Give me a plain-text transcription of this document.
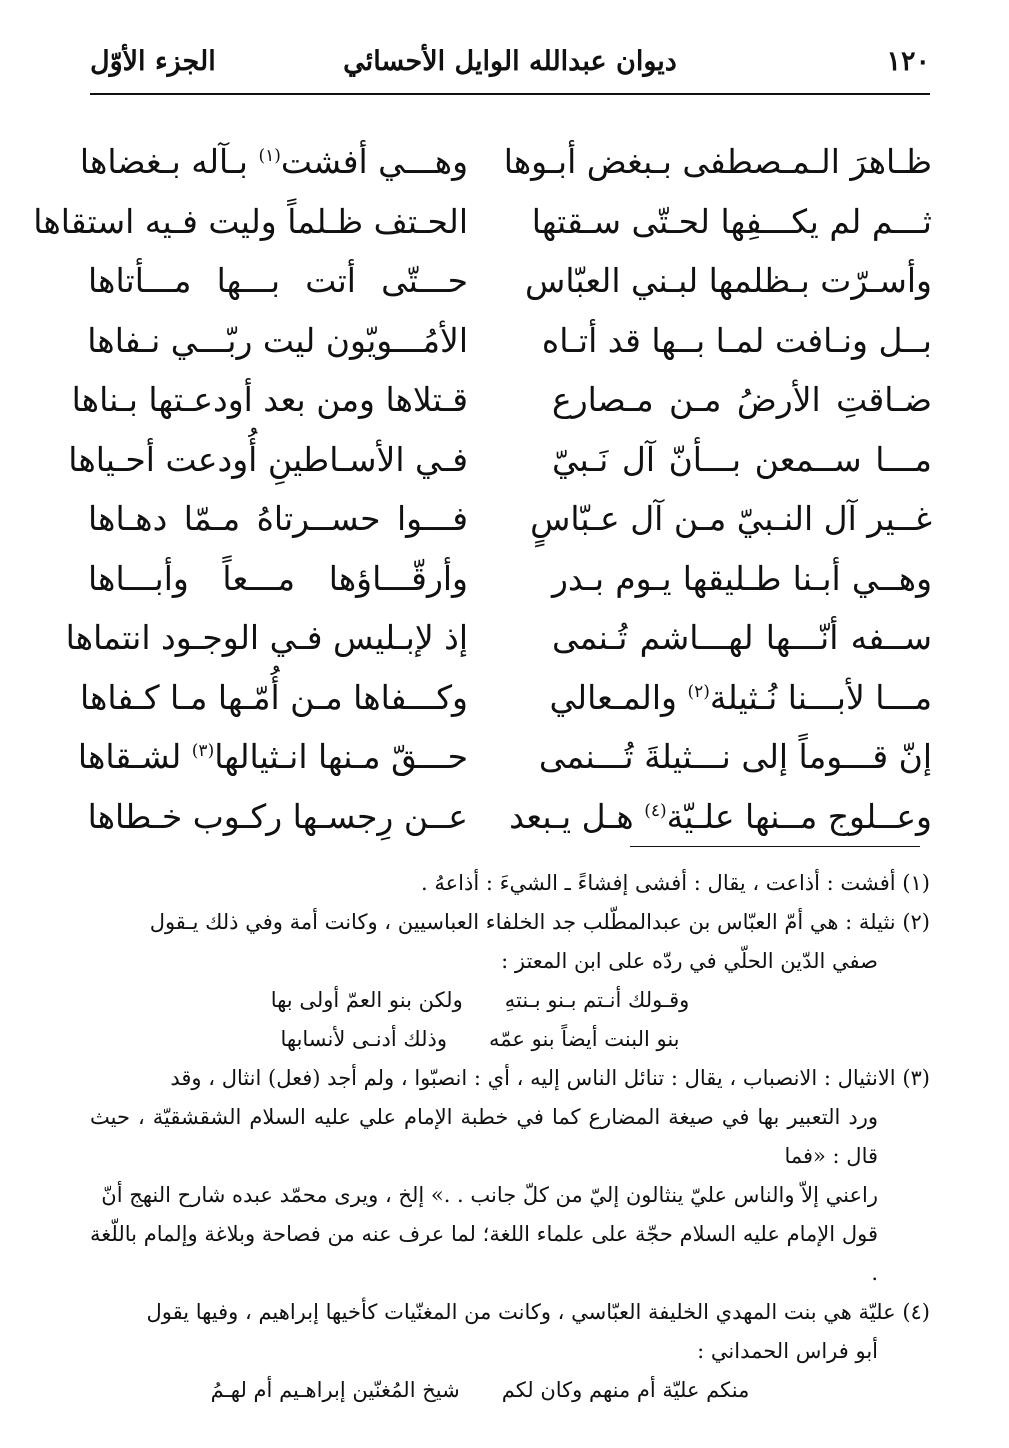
١٢٠
ديوان عبدالله الوايل الأحسائي
الجزء الأوّل
ظـاهرَ الـمـصطفى بـبغض أبـوها
وهـــي أفشت$^{(١)}$ بـآله بـغضاها
ثـــم لم يكـــفِها لحـتّى سـقتها
الحـتف ظـلماً وليت فـيه استقاها
وأسـرّت بـظلمها لبـني العبّاس
حـــتّى أتت بـــها مـــأتاها
بــل ونـافت لمـا بــها قد أتـاه
الأمُـــويّون ليت ربّـــي نـفاها
ضـاقتِ الأرضُ مـن مـصارع
قـتلاها ومن بعد أودعـتها بـناها
مـــا ســمعن بـــأنّ آل نَـبيّ
فـي الأسـاطينِ أُودعت أحـياها
غــير آل النـبيّ مـن آل عـبّاسٍ
فـــوا حســرتاهُ مـمّا دهـاها
وهــي أبـنا طـليقها يـوم بـدر
وأرقّـــاؤها مـــعاً وأبـــاها
ســفه أنّـــها لهـــاشم تُـنمى
إذ لإبـليس فـي الوجـود انتماها
مـــا لأبـــنا نُـثيلة$^{(٢)}$ والمـعالي
وكـــفاها مـن أُمّـها مـا كـفاها
إنّ قـــوماً إلى نـــثيلةَ تُـــنمى
حـــقّ مـنها انـثيالها$^{(٣)}$ لشـقاها
وعــلوج مــنها علـيّة$^{(٤)}$ هـل يـبعد
عــن رِجسـها ركـوب خـطاها
(١) أفشت : أذاعت ، يقال : أفشى إفشاءً ـ الشيءَ : أذاعهُ .
(٢) نثيلة : هي أمّ العبّاس بن عبدالمطّلب جد الخلفاء العباسيين ، وكانت أمة وفي ذلك يـقول
صفي الدّين الحلّي في ردّه على ابن المعتز :
وقـولك أنـتم بـنو بـنتهِ
ولكن بنو العمّ أولى بها
بنو البنت أيضاً بنو عمّه
وذلك أدنـى لأنسابها
(٣) الانثيال : الانصباب ، يقال : تنائل الناس إليه ، أي : انصبّوا ، ولم أجد (فعل) انثال ، وقد
ورد التعبير بها في صيغة المضارع كما في خطبة الإمام علي عليه السلام الشقشقيّة ، حيث قال : «فما
راعني إلاّ والناس عليّ ينثالون إليّ من كلّ جانب . .» إلخ ، ويرى محمّد عبده شارح النهج أنّ
قول الإمام عليه السلام حجّة على علماء اللغة؛ لما عرف عنه من فصاحة وبلاغة وإلمام باللّغة .
(٤) عليّة هي بنت المهدي الخليفة العبّاسي ، وكانت من المغنّيات كأخيها إبراهيم ، وفيها يقول
أبو فراس الحمداني :
منكم عليّة أم منهم وكان لكم
شيخ المُغنّين إبراهـيم أم لهـمُ
